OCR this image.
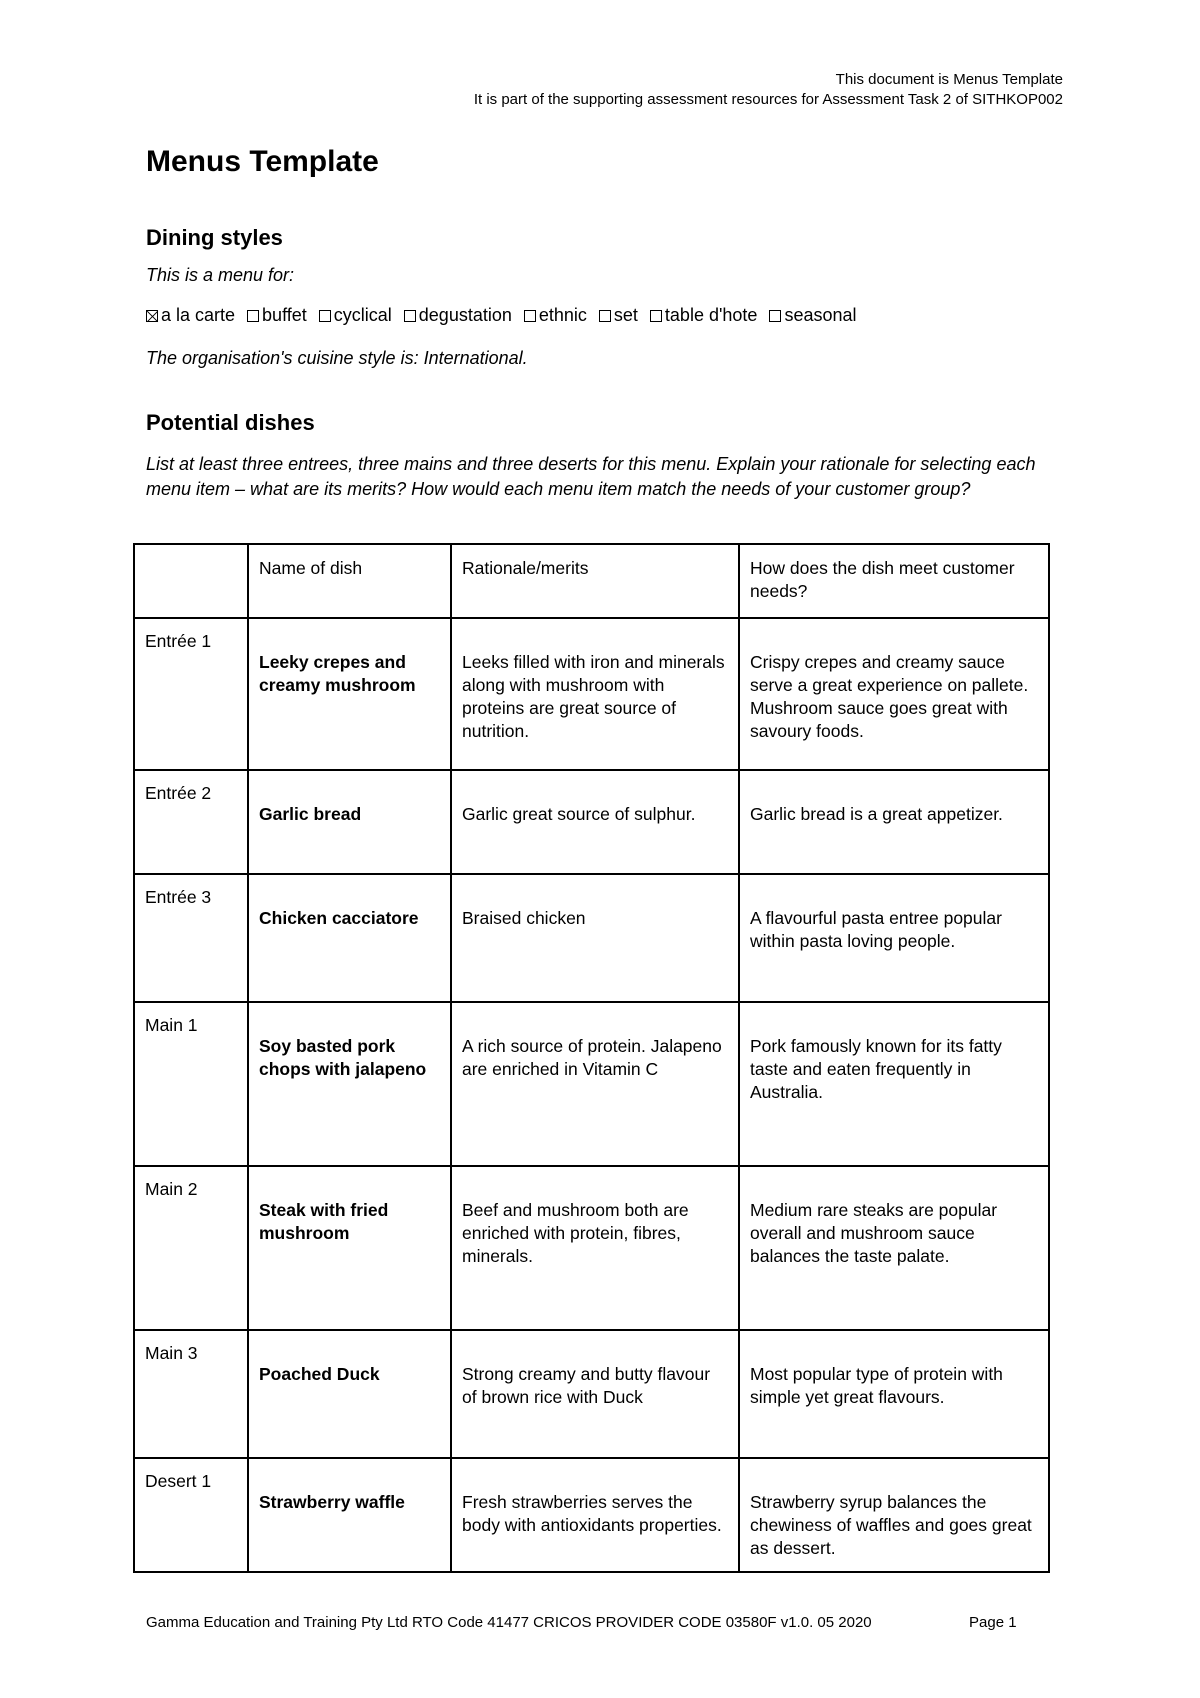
This document is Menus Template
It is part of the supporting assessment resources for Assessment Task 2 of SITHKOP002
Menus Template
Dining styles
This is a menu for:
a la carte buffet cyclical degustation ethnic set table d'hote seasonal
The organisation's cuisine style is: International.
Potential dishes
List at least three entrees, three mains and three deserts for this menu. Explain your rationale for selecting each menu item – what are its merits? How would each menu item match the needs of your customer group?
	Name of dish	Rationale/merits	How does the dish meet customer needs?
Entrée 1	Leeky crepes and creamy mushroom	Leeks filled with iron and minerals along with mushroom with proteins are great source of nutrition.	Crispy crepes and creamy sauce serve a great experience on pallete. Mushroom sauce goes great with savoury foods.
Entrée 2	Garlic bread	Garlic great source of sulphur.	Garlic bread is a great appetizer.
Entrée 3	Chicken cacciatore	Braised chicken	A flavourful pasta entree popular within pasta loving people.
Main 1	Soy basted pork chops with jalapeno	A rich source of protein. Jalapeno are enriched in Vitamin C	Pork famously known for its fatty taste and eaten frequently in Australia.
Main 2	Steak with fried mushroom	Beef and mushroom both are enriched with protein, fibres, minerals.	Medium rare steaks are popular overall and mushroom sauce balances the taste palate.
Main 3	Poached Duck	Strong creamy and butty flavour of brown rice with Duck	Most popular type of protein with simple yet great flavours.
Desert 1	Strawberry waffle	Fresh strawberries serves the body with antioxidants properties.	Strawberry syrup balances the chewiness of waffles and goes great as dessert.
Gamma Education and Training Pty Ltd RTO Code 41477 CRICOS PROVIDER CODE 03580F v1.0. 05 2020	Page 1
